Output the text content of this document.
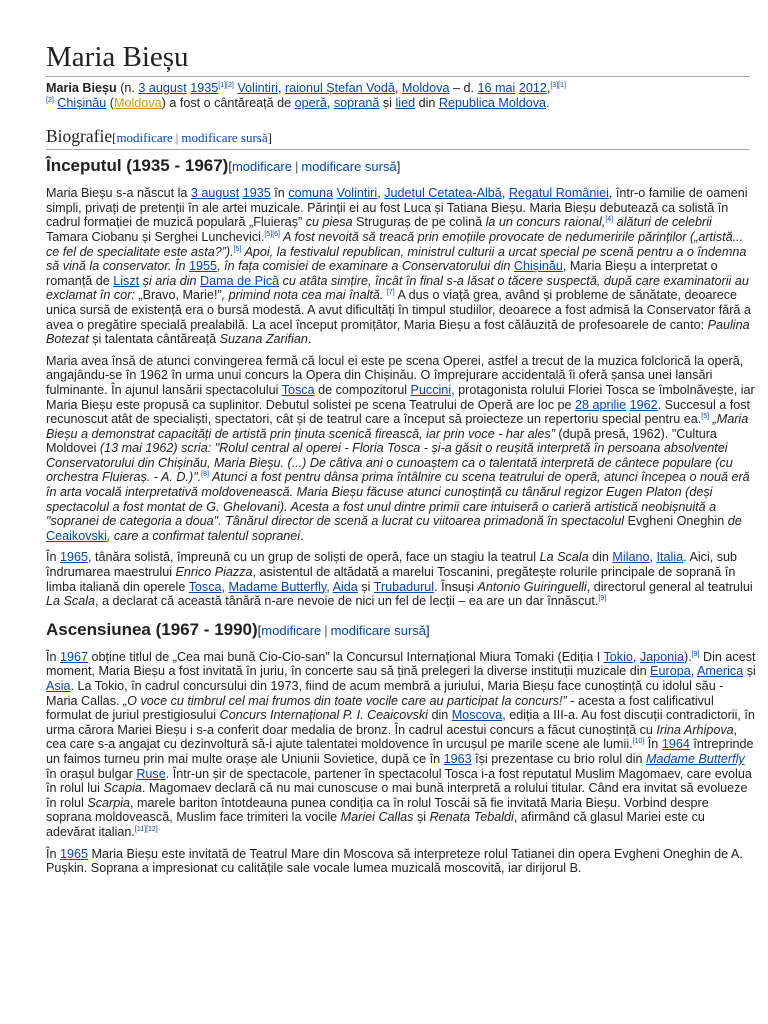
Maria Bieșu

Maria Bieșu (n. 3 august 1935[1][2] Volintiri, raionul Ștefan Vodă, Moldova – d. 16 mai 2012,[3][1]
[2] Chișinău (Moldova) a fost o cântăreață de operă, soprană și lied din Republica Moldova.

Biografie[modificare | modificare sursă]
Începutul (1935 - 1967)[modificare | modificare sursă]

Maria Bieșu s-a născut la 3 august 1935 în comuna Volintiri, Județul Cetatea-Albă, Regatul României, într-o familie de oameni simpli, privați de pretenții în ale artei muzicale. Părinții ei au fost Luca și Tatiana Bieșu. Maria Bieșu debutează ca solistă în cadrul formației de muzică populară „Fluieraș” cu piesa Struguraș de pe colină la un concurs raional,[4] alături de celebrii Tamara Ciobanu și Serghei Lunchevici.[5][6] A fost nevoită să treacă prin emoțiile provocate de nedumeririle părinților („artistă... ce fel de specialitate este asta?”).[5] Apoi, la festivalul republican, ministrul culturii a urcat special pe scenă pentru a o îndemna să vină la conservator. În 1955, în fața comisiei de examinare a Conservatorului din Chișinău, Maria Bieșu a interpretat o romanță de Liszt și aria din Dama de Pică cu atâta simțire, încât în final s-a lăsat o tăcere suspectă, după care examinatorii au exclamat în cor: „Bravo, Marie!”, primind nota cea mai înaltă. [7] A dus o viață grea, având și probleme de sănătate, deoarece unica sursă de existență era o bursă modestă. A avut dificultăți în timpul studiilor, deoarece a fost admisă la Conservator fără a avea o pregătire specială prealabilă. La acel început promițător, Maria Bieșu a fost călăuzită de profesoarele de canto: Paulina Botezat și talentata cântăreață Suzana Zarifian.

Maria avea însă de atunci convingerea fermă că locul ei este pe scena Operei, astfel a trecut de la muzica folclorică la operă, angajându-se în 1962 în urma unui concurs la Opera din Chișinău. O împrejurare accidentală îi oferă șansa unei lansări fulminante. În ajunul lansării spectacolului Tosca de compozitorul Puccini, protagonista rolului Floriei Tosca se îmbolnăvește, iar Maria Bieșu este propusă ca suplinitor. Debutul solistei pe scena Teatrului de Operă are loc pe 28 aprilie 1962. Succesul a fost recunoscut atât de specialiști, spectatori, cât și de teatrul care a început să proiecteze un repertoriu special pentru ea.[5] „Maria Bieșu a demonstrat capacități de artistă prin ținuta scenică firească, iar prin voce - har ales” (după presă, 1962). "Cultura Moldovei (13 mai 1962) scria: "Rolul central al operei - Floria Tosca - și-a găsit o reușită interpretă în persoana absolventei Conservatorului din Chișinău, Maria Bieșu. (...) De câtiva ani o cunoaștem ca o talentată interpretă de cântece populare (cu orchestra Fluieraș. - A. D.)".[8] Atunci a fost pentru dânsa prima întâlnire cu scena teatrului de operă, atunci începea o nouă eră în arta vocală interpretativă moldovenească. Maria Bieșu făcuse atunci cunoștință cu tânărul regizor Eugen Platon (deși spectacolul a fost montat de G. Ghelovani). Acesta a fost unul dintre primii care intuiseră o carieră artistică neobișnuită a "sopranei de categoria a doua". Tânărul director de scenă a lucrat cu viitoarea primadonă în spectacolul Evgheni Oneghin de Ceaikovski, care a confirmat talentul sopranei.

În 1965, tânăra solistă, împreună cu un grup de soliști de operă, face un stagiu la teatrul La Scala din Milano, Italia. Aici, sub îndrumarea maestrului Enrico Piazza, asistentul de altădată a marelui Toscanini, pregătește rolurile principale de soprană în limba italiană din operele Tosca, Madame Butterfly, Aida și Trubadurul. Însuși Antonio Guiringuelli, directorul general al teatrului La Scala, a declarat că această tânără n-are nevoie de nici un fel de lecții – ea are un dar înnăscut.[9]

Ascensiunea (1967 - 1990)[modificare | modificare sursă]

În 1967 obține titlul de „Cea mai bună Cio-Cio-san” la Concursul Internațional Miura Tomaki (Ediția I Tokio, Japonia).[9] Din acest moment, Maria Bieșu a fost invitată în juriu, în concerte sau să țină prelegeri la diverse instituții muzicale din Europa, America și Asia. La Tokio, în cadrul concursului din 1973, fiind de acum membră a juriului, Maria Bieșu face cunoștință cu idolul său - Maria Callas. „O voce cu timbrul cel mai frumos din toate vocile care au participat la concurs!” - acesta a fost calificativul formulat de juriul prestigiosului Concurs Internațional P. I. Ceaicovski din Moscova, ediția a III-a. Au fost discuții contradictorii, în urma cărora Mariei Bieșu i s-a conferit doar medalia de bronz. În cadrul acestui concurs a făcut cunoștință cu Irina Arhipova, cea care s-a angajat cu dezinvoltură să-i ajute talentatei moldovence în urcușul pe marile scene ale lumii.[10] În 1964 întreprinde un faimos turneu prin mai multe orașe ale Uniunii Sovietice, după ce în 1963 își prezentase cu brio rolul din Madame Butterfly în orașul bulgar Ruse. Într-un șir de spectacole, partener în spectacolul Tosca i-a fost reputatul Muslim Magomaev, care evolua în rolul lui Scapia. Magomaev declară că nu mai cunoscuse o mai bună interpretă a rolului titular. Când era invitat să evolueze în rolul Scarpia, marele bariton întotdeauna punea condiția ca în rolul Toscăi să fie invitată Maria Bieșu. Vorbind despre soprana moldovească, Muslim face trimiteri la vocile Mariei Callas și Renata Tebaldi, afirmând că glasul Mariei este cu adevărat italian.[11][12]

În 1965 Maria Bieșu este invitată de Teatrul Mare din Moscova să interpreteze rolul Tatianei din opera Evgheni Oneghin de A. Pușkin. Soprana a impresionat cu calitățile sale vocale lumea muzicală moscovită, iar dirijorul B.
